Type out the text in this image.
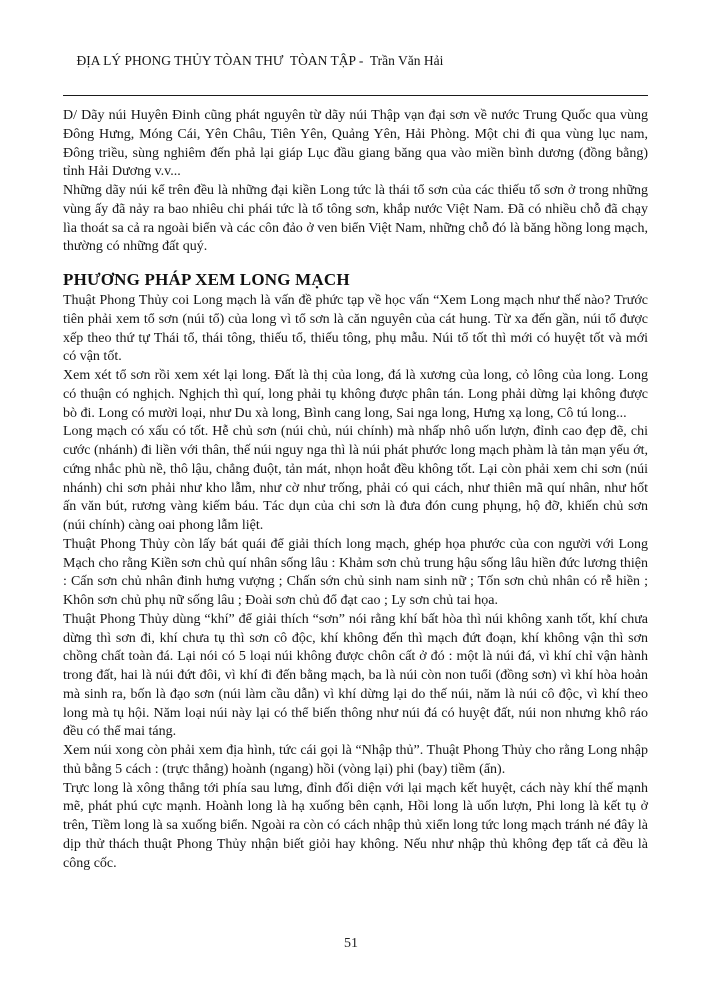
ĐỊA LÝ PHONG THỦY TÒAN THƯ  TÒAN TẬP -  Trần Văn Hải

D/ Dãy núi Huyên Đinh cũng phát nguyên từ dãy núi Thập vạn đại sơn về nước Trung Quốc qua vùng Đông Hưng, Móng Cái, Yên Châu, Tiên Yên, Quảng Yên, Hải Phòng. Một chi đi qua vùng lục nam, Đông triều, sùng nghiêm đến phả lại giáp Lục đầu giang băng qua vào miền bình dương (đồng bằng) tỉnh Hải Dương v.v...

Những dãy núi kể trên đều là những đại kiền Long tức là thái tổ sơn của các thiếu tổ sơn ở trong những vùng ấy đã nảy ra bao nhiêu chi phái tức là tổ tông sơn, khắp nước Việt Nam. Đã có nhiều chỗ đã chạy lìa thoát sa cả ra ngoài biển và các côn đảo ở ven biển Việt Nam, những chỗ đó là băng hồng long mạch, thường có những đất quý.

PHƯƠNG PHÁP XEM LONG MẠCH

Thuật Phong Thủy coi Long mạch là vấn đề phức tạp về học vấn “Xem Long mạch như thế nào? Trước tiên phải xem tổ sơn (núi tổ) của long vì tổ sơn là căn nguyên của cát hung. Từ xa đến gần, núi tổ được xếp theo thứ tự Thái tổ, thái tông, thiếu tổ, thiếu tông, phụ mẫu. Núi tổ tốt thì mới có huyệt tốt và mới có vận tốt.

Xem xét tổ sơn rồi xem xét lại long. Đất là thị của long, đá là xương của long, cỏ lông của long. Long có thuận có nghịch. Nghịch thì quí, long phải tụ không được phân tán. Long phải dừng lại không được bò đi. Long có mười loại, như Du xà long, Bình cang long, Sai nga long, Hưng xạ long, Cô tú long...

Long mạch có xấu có tốt. Hễ chủ sơn (núi chủ, núi chính) mà nhấp nhô uốn lượn, đỉnh cao đẹp đẽ, chi cước (nhánh) đi liền với thân, thế núi nguy nga thì là núi phát phước long mạch phàm là tản mạn yếu ớt, cứng nhắc phù nề, thô lậu, chẳng đuột, tản mát, nhọn hoắt đều không tốt. Lại còn phải xem chi sơn (núi nhánh) chi sơn phải như kho lẫm, như cờ như trống, phải có qui cách, như thiên mã quí nhân, như hốt ấn văn bút, rương vàng kiếm báu. Tác dụn của chi sơn là đưa đón cung phụng, hộ đỡ, khiến chủ sơn (núi chính) càng oai phong lẫm liệt.

Thuật Phong Thủy còn lấy bát quái để giải thích long mạch, ghép họa phước của con người với Long Mạch cho rằng Kiền sơn chủ quí nhân sống lâu : Khảm sơn chủ trung hậu sống lâu hiền đức lương thiện : Cấn sơn chủ nhân đinh hưng vượng ; Chấn sớn chủ sinh nam sinh nữ ; Tốn sơn chủ nhân có rễ hiền ; Khôn sơn chủ phụ nữ sống lâu ; Đoài sơn chủ đổ đạt cao ; Ly sơn chủ tai họa.

Thuật Phong Thủy dùng “khí” để giải thích “sơn” nói rằng khí bất hòa thì núi không xanh tốt, khí chưa dừng thì sơn đi, khí chưa tụ thì sơn cô độc, khí không đến thì mạch đứt đoạn, khí không vận thì sơn chồng chất toàn đá. Lại nói có 5 loại núi không được chôn cất ở đó : một là núi đá, vì khí chỉ vận hành trong đất, hai là núi đứt đôi, vì khí đi đến bằng mạch, ba là núi còn non tuổi (đồng sơn) vì khí hòa hoản mà sinh ra, bốn là đạo sơn (núi làm cầu dẫn) vì khí dừng lại do thế núi, năm là núi cô độc, vì khí theo long mà tụ hội. Năm loại núi này lại có thể biến thông như núi đá có huyệt đất, núi non nhưng khô ráo đều có thể mai táng.

Xem núi xong còn phải xem địa hình, tức cái gọi là “Nhập thủ”. Thuật Phong Thủy cho rằng Long nhập thủ bằng 5 cách : (trực thẳng) hoành (ngang) hồi (vòng lại) phi (bay) tiềm (ẩn).

Trực long là xông thẳng tới phía sau lưng, đỉnh đối diện với lại mạch kết huyệt, cách này khí thế mạnh mẽ, phát phú cực mạnh. Hoành long là hạ xuống bên cạnh, Hồi long là uốn lượn, Phi long là kết tụ ở trên, Tiềm long là sa xuống biển. Ngoài ra còn có cách nhập thủ xiển long tức long mạch tránh né đây là dịp thử thách thuật Phong Thủy nhận biết giỏi hay không. Nếu như nhập thủ không đẹp tất cả đều là công cốc.

51
